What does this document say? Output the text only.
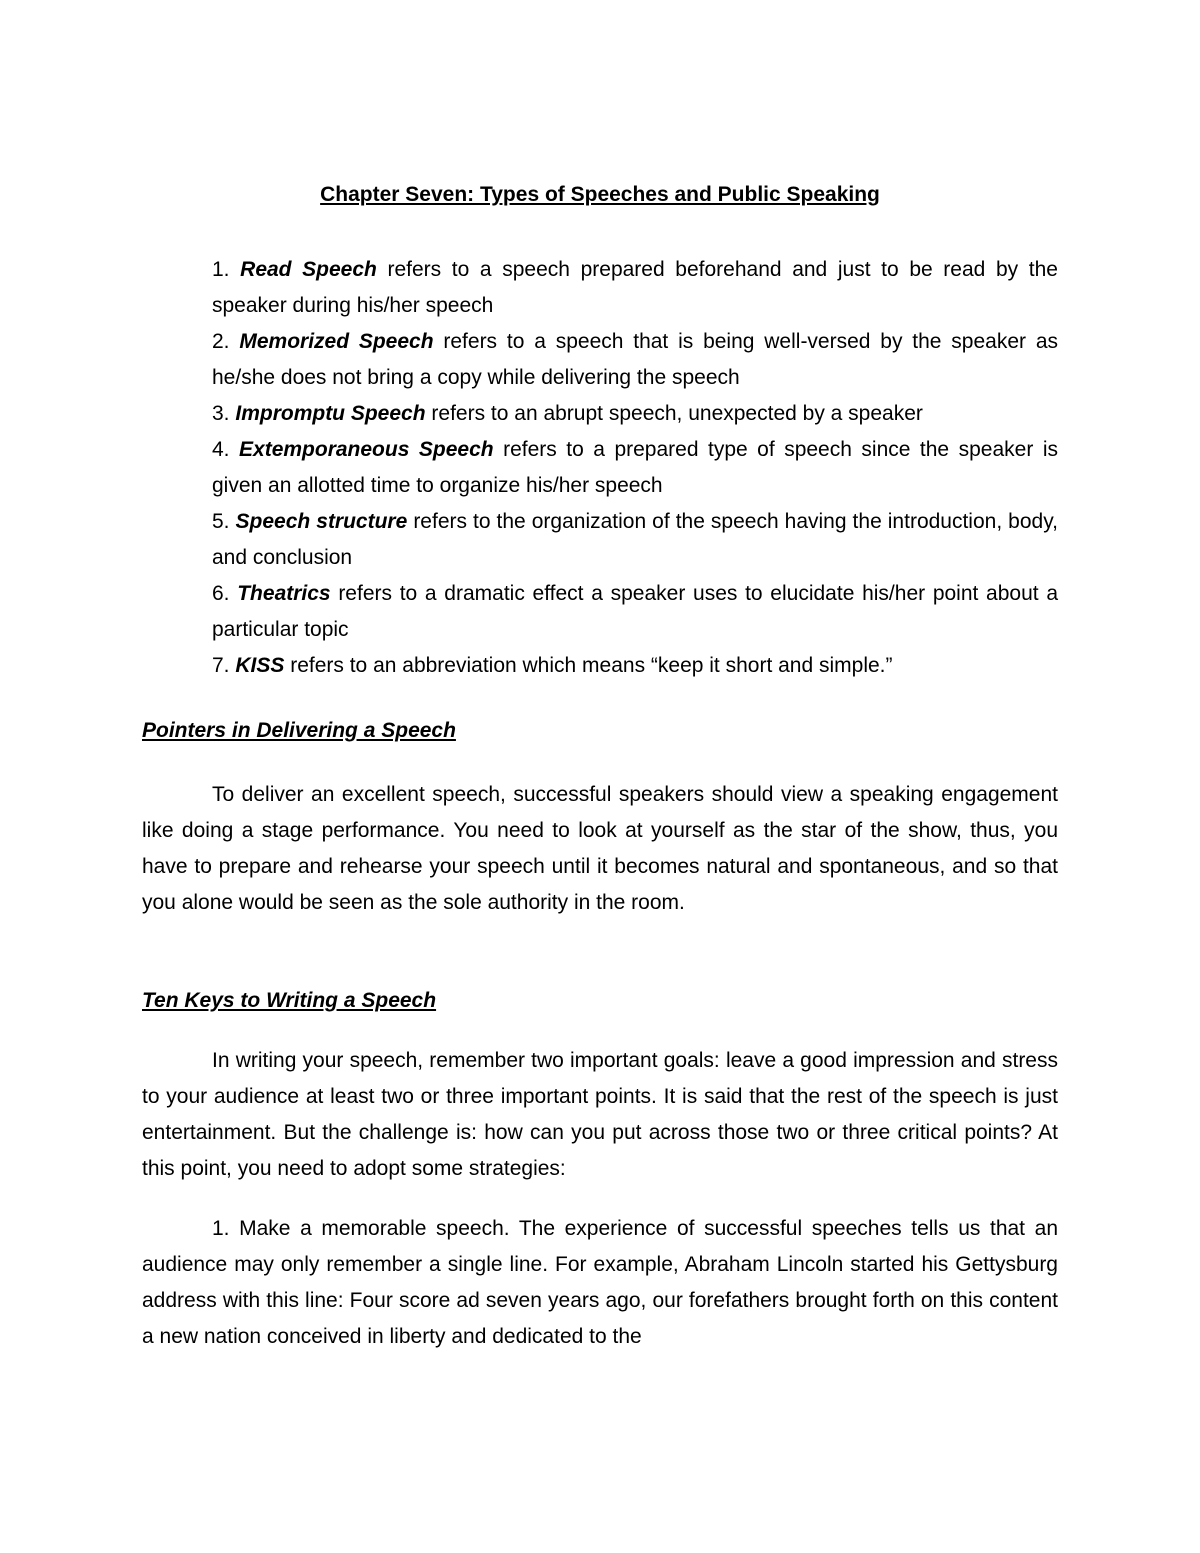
Chapter Seven: Types of Speeches and Public Speaking
1. Read Speech refers to a speech prepared beforehand and just to be read by the speaker during his/her speech
2. Memorized Speech refers to a speech that is being well-versed by the speaker as he/she does not bring a copy while delivering the speech
3. Impromptu Speech refers to an abrupt speech, unexpected by a speaker
4. Extemporaneous Speech refers to a prepared type of speech since the speaker is given an allotted time to organize his/her speech
5. Speech structure refers to the organization of the speech having the introduction, body, and conclusion
6. Theatrics refers to a dramatic effect a speaker uses to elucidate his/her point about a particular topic
7. KISS refers to an abbreviation which means “keep it short and simple.”
Pointers in Delivering a Speech

To deliver an excellent speech, successful speakers should view a speaking engagement like doing a stage performance. You need to look at yourself as the star of the show, thus, you have to prepare and rehearse your speech until it becomes natural and spontaneous, and so that you alone would be seen as the sole authority in the room.

Ten Keys to Writing a Speech

In writing your speech, remember two important goals: leave a good impression and stress to your audience at least two or three important points. It is said that the rest of the speech is just entertainment. But the challenge is: how can you put across those two or three critical points? At this point, you need to adopt some strategies:

1. Make a memorable speech. The experience of successful speeches tells us that an audience may only remember a single line. For example, Abraham Lincoln started his Gettysburg address with this line: Four score ad seven years ago, our forefathers brought forth on this content a new nation conceived in liberty and dedicated to the
